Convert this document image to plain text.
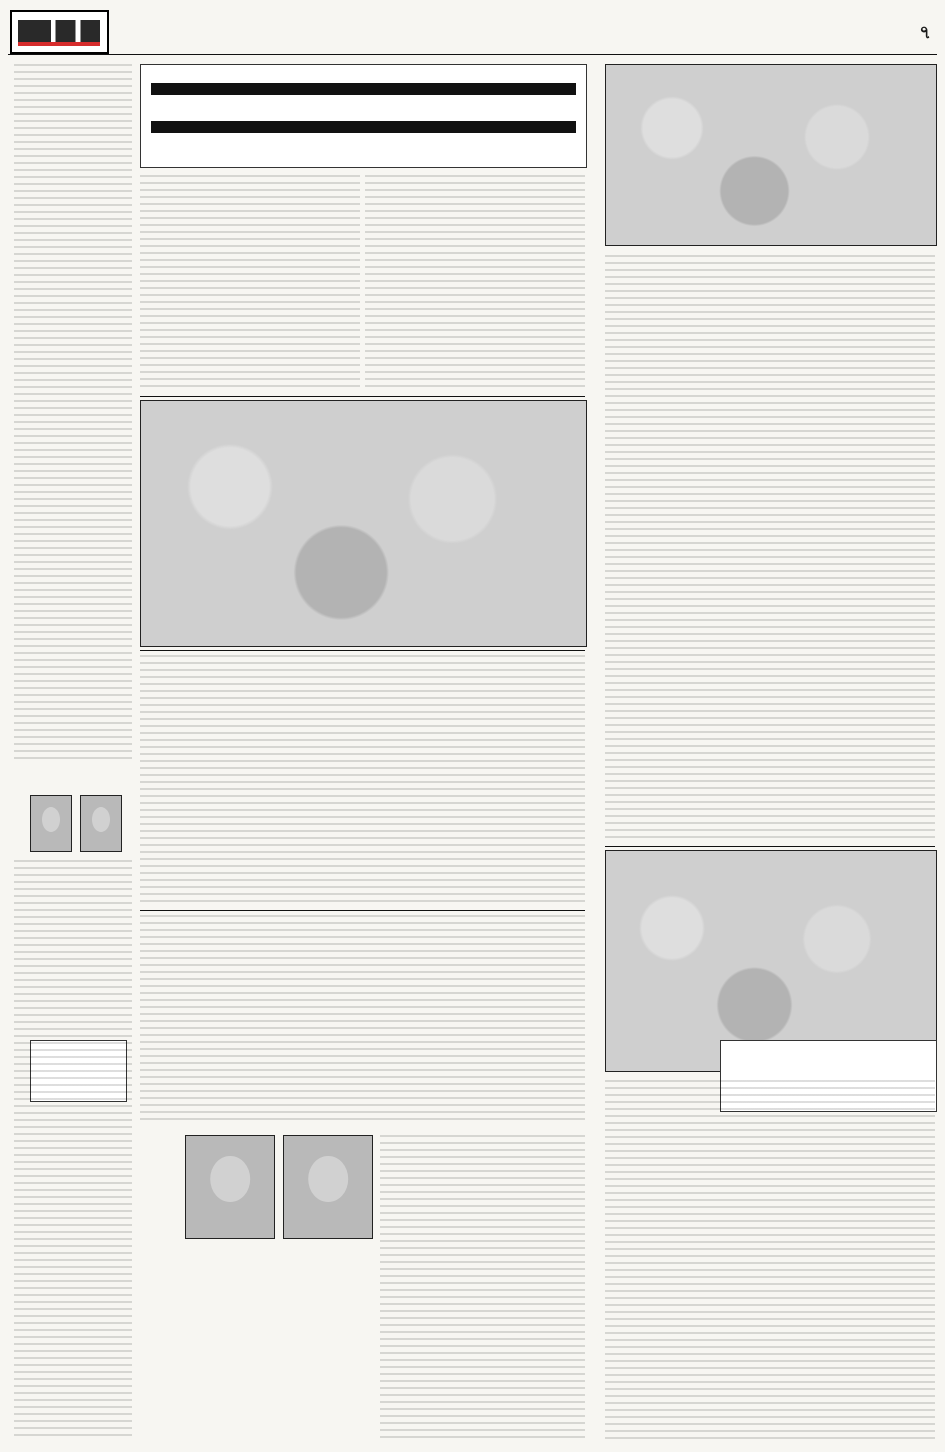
৭
